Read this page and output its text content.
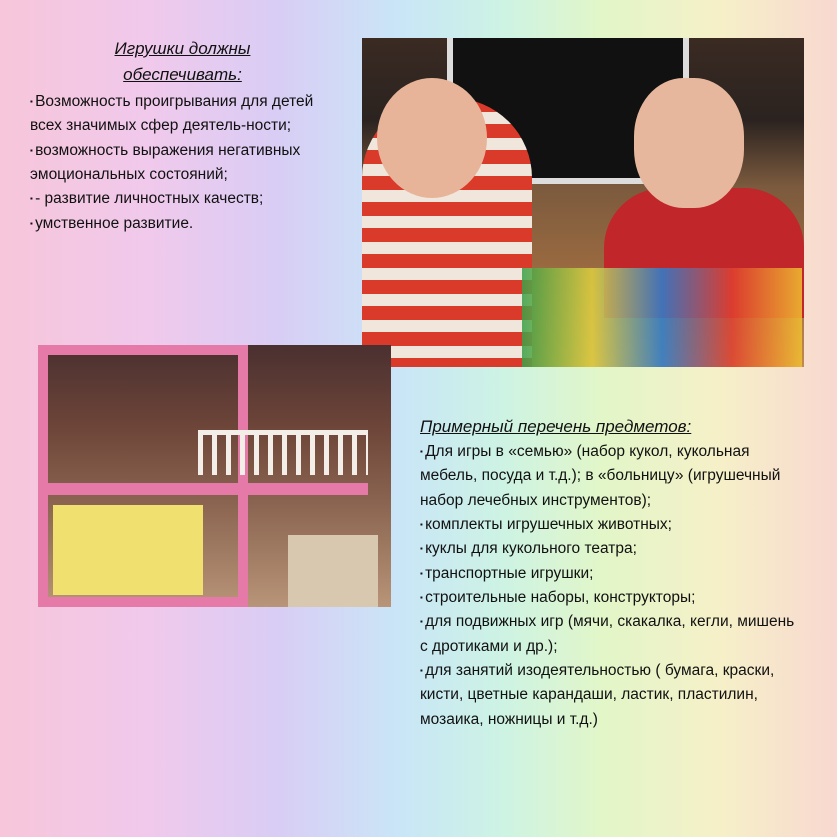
Игрушки должны
обеспечивать:

▪ Возможность проигрывания для детей всех значимых сфер деятель-ности;

▪ возможность выражения негативных эмоциональных состояний;

▪ - развитие личностных качеств;

▪ умственное развитие.

Примерный перечень предметов:

▪ Для игры в «семью» (набор кукол, кукольная мебель, посуда и т.д.); в «больницу» (игрушечный набор лечебных инструментов);

▪ комплекты игрушечных животных;

▪ куклы для кукольного театра;

▪ транспортные игрушки;

▪ строительные наборы, конструкторы;

▪ для подвижных игр (мячи, скакалка, кегли, мишень с дротиками и др.);

▪ для занятий изодеятельностью ( бумага, краски, кисти, цветные карандаши, ластик, пластилин, мозаика, ножницы и т.д.)
